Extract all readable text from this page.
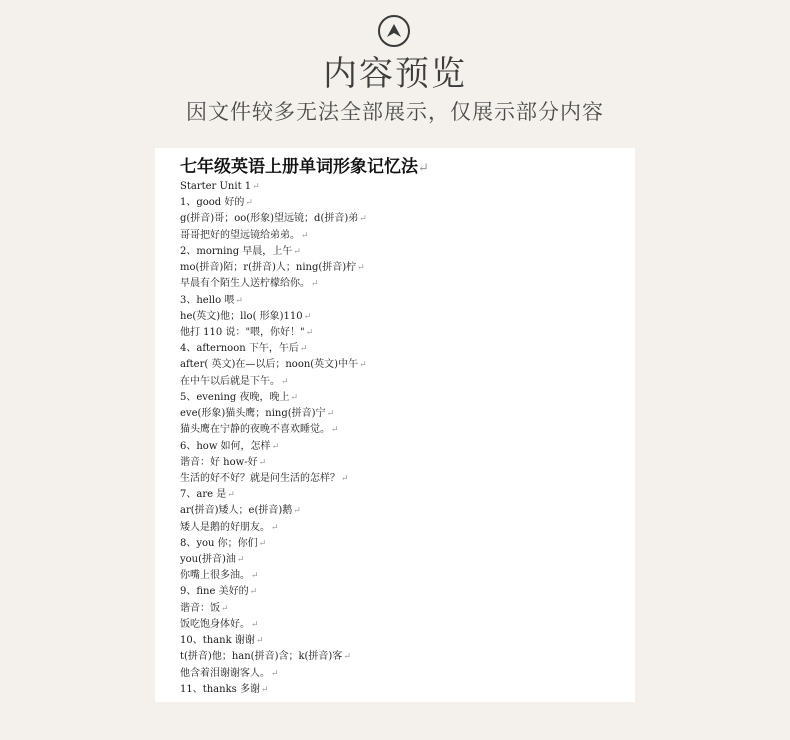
内容预览
因文件较多无法全部展示，仅展示部分内容
七年级英语上册单词形象记忆法↵
Starter Unit 1↵
1、good 好的↵
g(拼音)哥；oo(形象)望远镜；d(拼音)弟↵
哥哥把好的望远镜给弟弟。↵
2、morning 早晨，上午↵
mo(拼音)陌；r(拼音)人；ning(拼音)柠↵
早晨有个陌生人送柠檬给你。↵
3、hello 喂↵
he(英文)他；llo( 形象)110↵
他打 110 说："喂，你好！"↵
4、afternoon 下午，午后↵
after( 英文)在—以后；noon(英文)中午↵
在中午以后就是下午。↵
5、evening 夜晚，晚上↵
eve(形象)猫头鹰；ning(拼音)宁↵
猫头鹰在宁静的夜晚不喜欢睡觉。↵
6、how 如何，怎样↵
谐音：好 how-好↵
生活的好不好？就是问生活的怎样？↵
7、are 是↵
ar(拼音)矮人；e(拼音)鹅↵
矮人是鹅的好朋友。↵
8、you 你；你们↵
you(拼音)油↵
你嘴上很多油。↵
9、fine 美好的↵
谐音：饭↵
饭吃饱身体好。↵
10、thank 谢谢↵
t(拼音)他；han(拼音)含；k(拼音)客↵
他含着泪谢谢客人。↵
11、thanks 多谢↵
